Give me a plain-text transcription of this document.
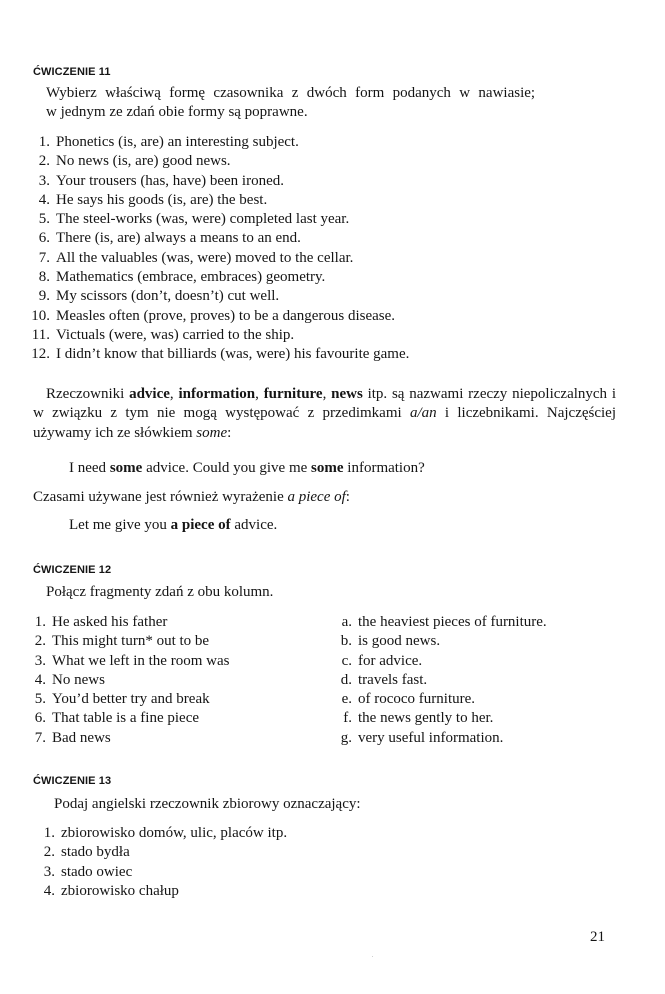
ĆWICZENIE 11
Wybierz właściwą formę czasownika z dwóch form podanych w nawiasie;
w jednym ze zdań obie formy są poprawne.
1. Phonetics (is, are) an interesting subject.
2. No news (is, are) good news.
3. Your trousers (has, have) been ironed.
4. He says his goods (is, are) the best.
5. The steel-works (was, were) completed last year.
6. There (is, are) always a means to an end.
7. All the valuables (was, were) moved to the cellar.
8. Mathematics (embrace, embraces) geometry.
9. My scissors (don’t, doesn’t) cut well.
10. Measles often (prove, proves) to be a dangerous disease.
11. Victuals (were, was) carried to the ship.
12. I didn’t know that billiards (was, were) his favourite game.
Rzeczowniki advice, information, furniture, news itp. są nazwami rzeczy niepoliczalnych i w związku z tym nie mogą występować z przedimkami a/an i liczebnikami. Najczęściej używamy ich ze słówkiem some:
I need some advice. Could you give me some information?
Czasami używane jest również wyrażenie a piece of:
Let me give you a piece of advice.
ĆWICZENIE 12
Połącz fragmenty zdań z obu kolumn.
1. He asked his father
2. This might turn* out to be
3. What we left in the room was
4. No news
5. You’d better try and break
6. That table is a fine piece
7. Bad news
a. the heaviest pieces of furniture.
b. is good news.
c. for advice.
d. travels fast.
e. of rococo furniture.
f. the news gently to her.
g. very useful information.
ĆWICZENIE 13
Podaj angielski rzeczownik zbiorowy oznaczający:
1. zbiorowisko domów, ulic, placów itp.
2. stado bydła
3. stado owiec
4. zbiorowisko chałup
21
